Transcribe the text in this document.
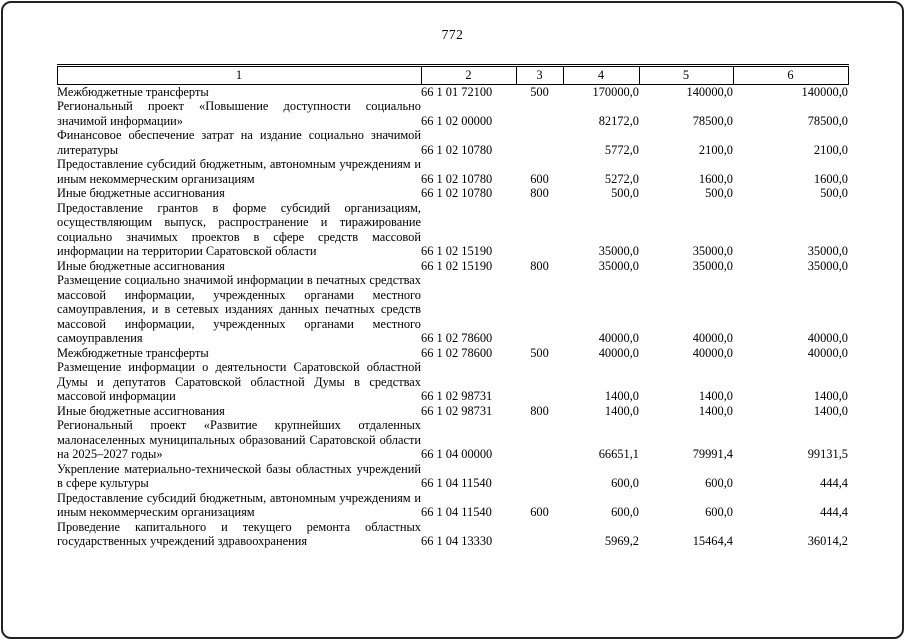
772
1	2	3	4	5	6
Межбюджетные трансферты	66 1 01 72100	500	170000,0	140000,0	140000,0
Региональный проект «Повышение доступности социально значимой информации»	66 1 02 00000		82172,0	78500,0	78500,0
Финансовое обеспечение затрат на издание социально значимой литературы	66 1 02 10780		5772,0	2100,0	2100,0
Предоставление субсидий бюджетным, автономным учреждениям и иным некоммерческим организациям	66 1 02 10780	600	5272,0	1600,0	1600,0
Иные бюджетные ассигнования	66 1 02 10780	800	500,0	500,0	500,0
Предоставление грантов в форме субсидий организациям, осуществляющим выпуск, распространение и тиражирование социально значимых проектов в сфере средств массовой информации на территории Саратовской области	66 1 02 15190		35000,0	35000,0	35000,0
Иные бюджетные ассигнования	66 1 02 15190	800	35000,0	35000,0	35000,0
Размещение социально значимой информации в печатных средствах массовой информации, учрежденных органами местного самоуправления, и в сетевых изданиях данных печатных средств массовой информации, учрежденных органами местного самоуправления	66 1 02 78600		40000,0	40000,0	40000,0
Межбюджетные трансферты	66 1 02 78600	500	40000,0	40000,0	40000,0
Размещение информации о деятельности Саратовской областной Думы и депутатов Саратовской областной Думы в средствах массовой информации	66 1 02 98731		1400,0	1400,0	1400,0
Иные бюджетные ассигнования	66 1 02 98731	800	1400,0	1400,0	1400,0
Региональный проект «Развитие крупнейших отдаленных малонаселенных муниципальных образований Саратовской области на 2025–2027 годы»	66 1 04 00000		66651,1	79991,4	99131,5
Укрепление материально-технической базы областных учреждений в сфере культуры	66 1 04 11540		600,0	600,0	444,4
Предоставление субсидий бюджетным, автономным учреждениям и иным некоммерческим организациям	66 1 04 11540	600	600,0	600,0	444,4
Проведение капитального и текущего ремонта областных государственных учреждений здравоохранения	66 1 04 13330		5969,2	15464,4	36014,2
